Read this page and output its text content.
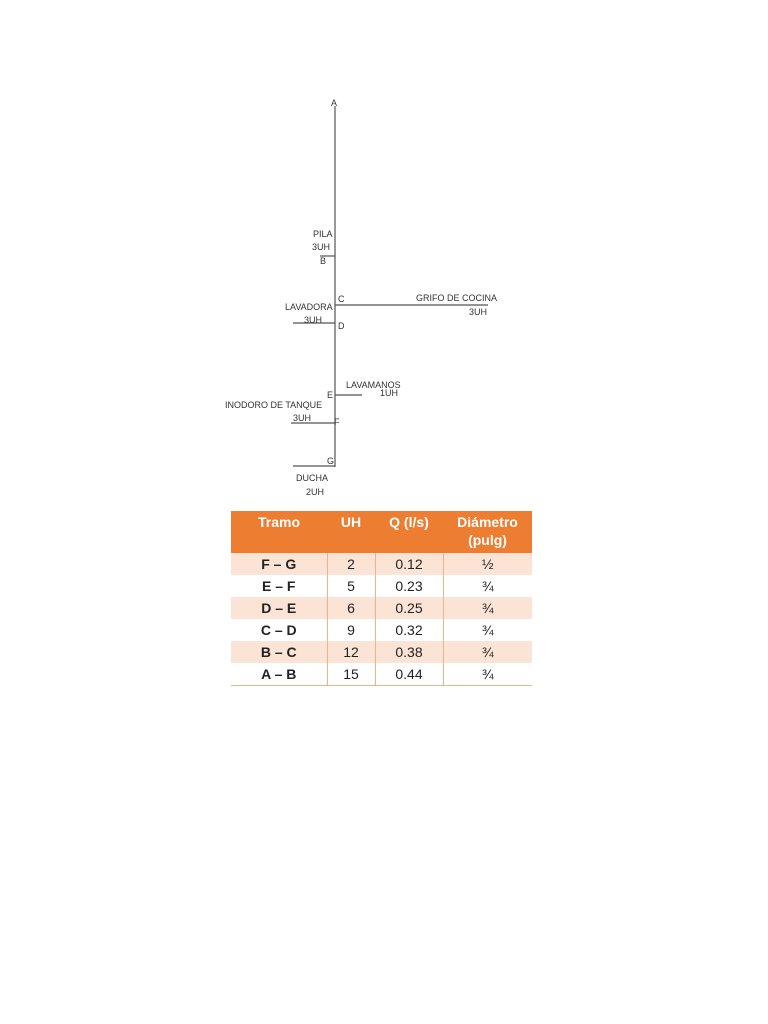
A
B
C
D
E
F
G
PILA
3UH
LAVADORA
3UH
GRIFO DE COCINA
3UH
LAVAMANOS
1UH
INODORO DE TANQUE
3UH
DUCHA
2UH
Tramo	UH	Q (l/s)	Diámetro
(pulg)
F – G	2	0.12	½
E – F	5	0.23	¾
D – E	6	0.25	¾
C – D	9	0.32	¾
B – C	12	0.38	¾
A – B	15	0.44	¾
